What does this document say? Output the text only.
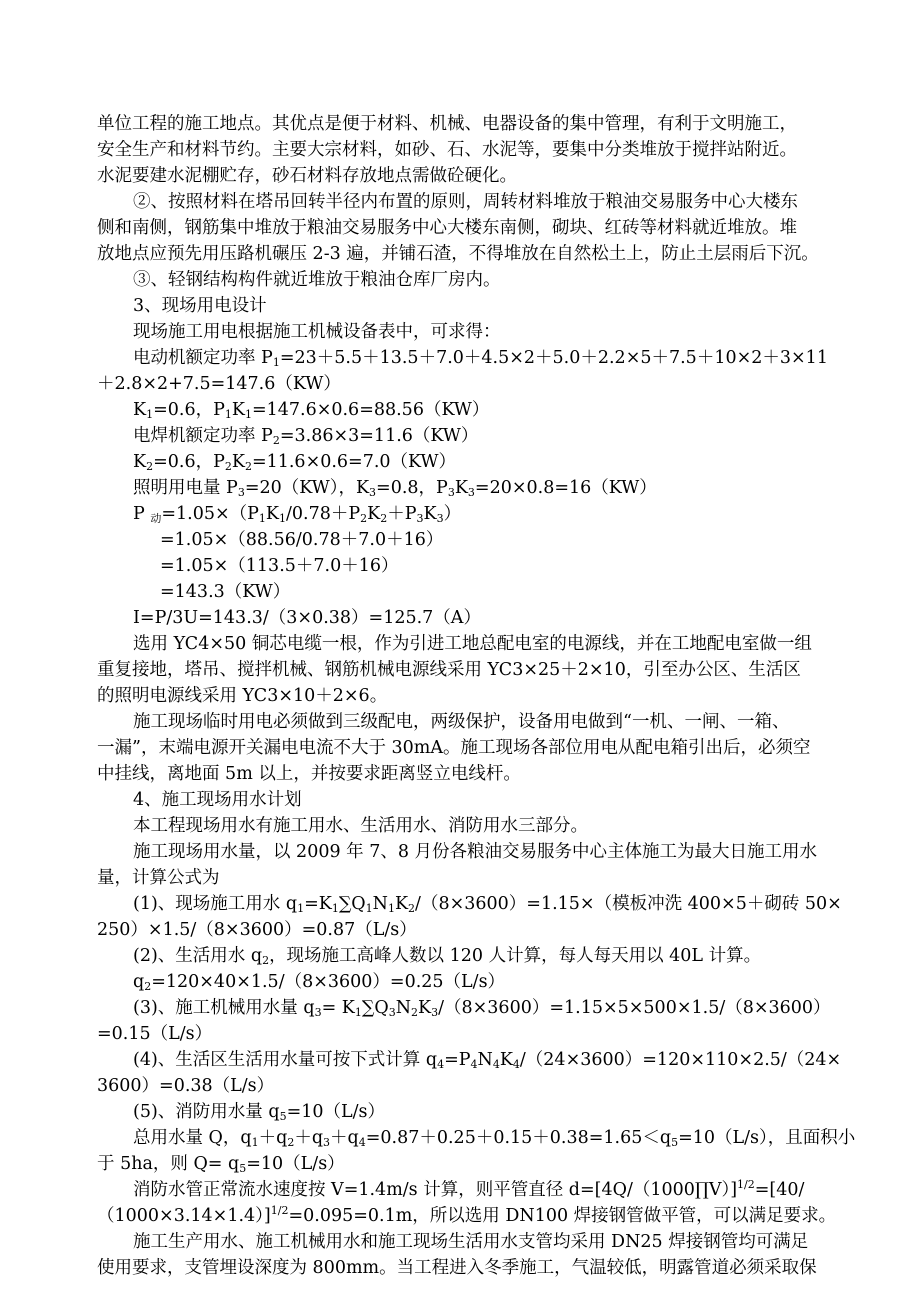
单位工程的施工地点。其优点是便于材料、机械、电器设备的集中管理，有利于文明施工，
安全生产和材料节约。主要大宗材料，如砂、石、水泥等，要集中分类堆放于搅拌站附近。
水泥要建水泥棚贮存，砂石材料存放地点需做砼硬化。
②、按照材料在塔吊回转半径内布置的原则，周转材料堆放于粮油交易服务中心大楼东
侧和南侧，钢筋集中堆放于粮油交易服务中心大楼东南侧，砌块、红砖等材料就近堆放。堆
放地点应预先用压路机碾压 2-3 遍，并铺石渣，不得堆放在自然松土上，防止土层雨后下沉。
③、轻钢结构构件就近堆放于粮油仓库厂房内。
3、现场用电设计
现场施工用电根据施工机械设备表中，可求得：
电动机额定功率 $P_1=23+5.5+13.5+7.0+4.5\times 2+5.0+2.2\times 5+7.5+10\times 2+3\times 11$
＋2.8×2+7.5=147.6（KW）
$K_1=0.6$，$P_1K_1=147.6\times 0.6=88.56(KW)$
电焊机额定功率 $P_2=3.86\times 3=11.6(KW)$
$K_2=0.6$，$P_2K_2=11.6\times 0.6=7.0(KW)$
照明用电量 $P_3=20(KW)$，$K_3=0.8$，$P_3K_3=20\times 0.8=16(KW)$
P $_动=1.05\times(P_1K_1/0.78+P_2K_2+P_3K_3)$
=1.05×（88.56/0.78＋7.0＋16）
=1.05×（113.5＋7.0＋16）
=143.3（KW）
I=P/3U=143.3/（3×0.38）=125.7（A）
选用 YC4×50 铜芯电缆一根，作为引进工地总配电室的电源线，并在工地配电室做一组
重复接地，塔吊、搅拌机械、钢筋机械电源线采用 YC3×25＋2×10，引至办公区、生活区
的照明电源线采用 YC3×10＋2×6。
施工现场临时用电必须做到三级配电，两级保护，设备用电做到“一机、一闸、一箱、
一漏”，末端电源开关漏电电流不大于 30mA。施工现场各部位用电从配电箱引出后，必须空
中挂线，离地面 5m 以上，并按要求距离竖立电线杆。
4、施工现场用水计划
本工程现场用水有施工用水、生活用水、消防用水三部分。
施工现场用水量，以 2009 年 7、8 月份各粮油交易服务中心主体施工为最大日施工用水
量，计算公式为
(1)、现场施工用水 $q_1=K_1\sum Q_1N_1K_2/(8\times 3600)=1.15\times$（模板冲洗 400×5＋砌砖 50×
250）×1.5/（8×3600）=0.87（L/s）
(2)、生活用水 $q_2$，现场施工高峰人数以 120 人计算，每人每天用以 40L 计算。
$q_2=120\times 40\times 1.5/(8\times 3600)=0.25(L/s)$
(3)、施工机械用水量 $q_3= K_1\sum Q_3N_2K_3/(8\times 3600)=1.15\times 5\times 500\times 1.5/(8\times 3600)$
=0.15（L/s）
(4)、生活区生活用水量可按下式计算 $q_4=P_4N_4K_4/(24\times 3600)=120\times 110\times 2.5/(24\times$
3600）=0.38（L/s）
(5)、消防用水量 $q_5=10(L/s)$
总用水量 Q，$q_1+q_2+q_3+q_4=0.87+0.25+0.15+0.38=1.65<q_5=10(L/s)$，且面积小
于 5ha，则 $Q= q_5=10(L/s)$
消防水管正常流水速度按 V=1.4m/s 计算，则平管直径 d=[4Q/（1000∏V）]$^{1/2}$=[40/
（1000×3.14×1.4）]$^{1/2}$=0.095=0.1m，所以选用 DN100 焊接钢管做平管，可以满足要求。
施工生产用水、施工机械用水和施工现场生活用水支管均采用 DN25 焊接钢管均可满足
使用要求，支管埋设深度为 800mm。当工程进入冬季施工，气温较低，明露管道必须采取保
